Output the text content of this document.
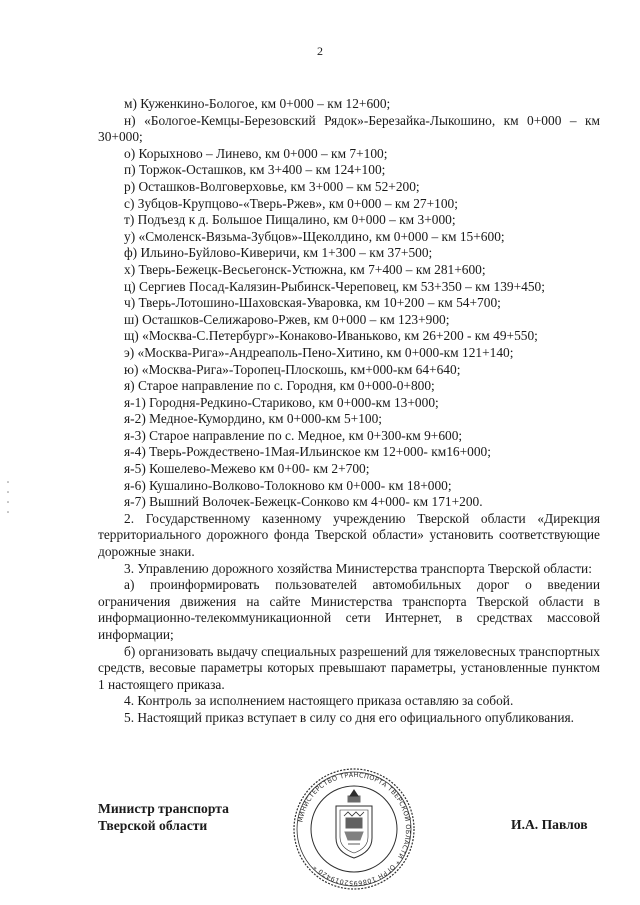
2
м) Куженкино-Бологое, км 0+000 – км 12+600;
н) «Бологое-Кемцы-Березовский Рядок»-Березайка-Лыкошино, км 0+000 – км 30+000;
о) Корыхново – Линево, км 0+000 – км 7+100;
п) Торжок-Осташков, км 3+400 – км 124+100;
р) Осташков-Волговерховье, км 3+000 – км 52+200;
с) Зубцов-Крупцово-«Тверь-Ржев», км 0+000 – км 27+100;
т) Подъезд к д. Большое Пищалино, км 0+000 – км 3+000;
у) «Смоленск-Вязьма-Зубцов»-Щеколдино, км 0+000 – км 15+600;
ф) Ильино-Буйлово-Киверичи, км 1+300 – км 37+500;
х) Тверь-Бежецк-Весьегонск-Устюжна, км 7+400 – км 281+600;
ц) Сергиев Посад-Калязин-Рыбинск-Череповец, км 53+350 – км 139+450;
ч) Тверь-Лотошино-Шаховская-Уваровка, км 10+200 – км 54+700;
ш) Осташков-Селижарово-Ржев, км 0+000 – км 123+900;
щ) «Москва-С.Петербург»-Конаково-Иваньково, км 26+200 - км 49+550;
э) «Москва-Рига»-Андреаполь-Пено-Хитино, км 0+000-км 121+140;
ю) «Москва-Рига»-Торопец-Плоскошь, км+000-км 64+640;
я) Старое направление по с. Городня, км 0+000-0+800;
я-1) Городня-Редкино-Стариково, км 0+000-км 13+000;
я-2) Медное-Кумордино, км 0+000-км 5+100;
я-3) Старое направление по с. Медное, км 0+300-км 9+600;
я-4) Тверь-Рождествено-1Мая-Ильинское км 12+000- км16+000;
я-5) Кошелево-Межево км 0+00- км 2+700;
я-6) Кушалино-Волково-Толокново км 0+000- км 18+000;
я-7) Вышний Волочек-Бежецк-Сонково км 4+000- км 171+200.
2. Государственному казенному учреждению Тверской области «Дирекция территориального дорожного фонда Тверской области» установить соответствующие дорожные знаки.
3. Управлению дорожного хозяйства Министерства транспорта Тверской области:
а) проинформировать пользователей автомобильных дорог о введении ограничения движения на сайте Министерства транспорта Тверской области в информационно-телекоммуникационной сети Интернет, в средствах массовой информации;
б) организовать выдачу специальных разрешений для тяжеловесных транспортных средств, весовые параметры которых превышают параметры, установленные пунктом 1 настоящего приказа.
4. Контроль за исполнением настоящего приказа оставляю за собой.
5. Настоящий приказ вступает в силу со дня его официального опубликования.
Министр транспорта
Тверской области	И.А. Павлов
МИНИСТЕРСТВО ТРАНСПОРТА ТВЕРСКОЙ ОБЛАСТИ * ОГРН 1086952019420 *
